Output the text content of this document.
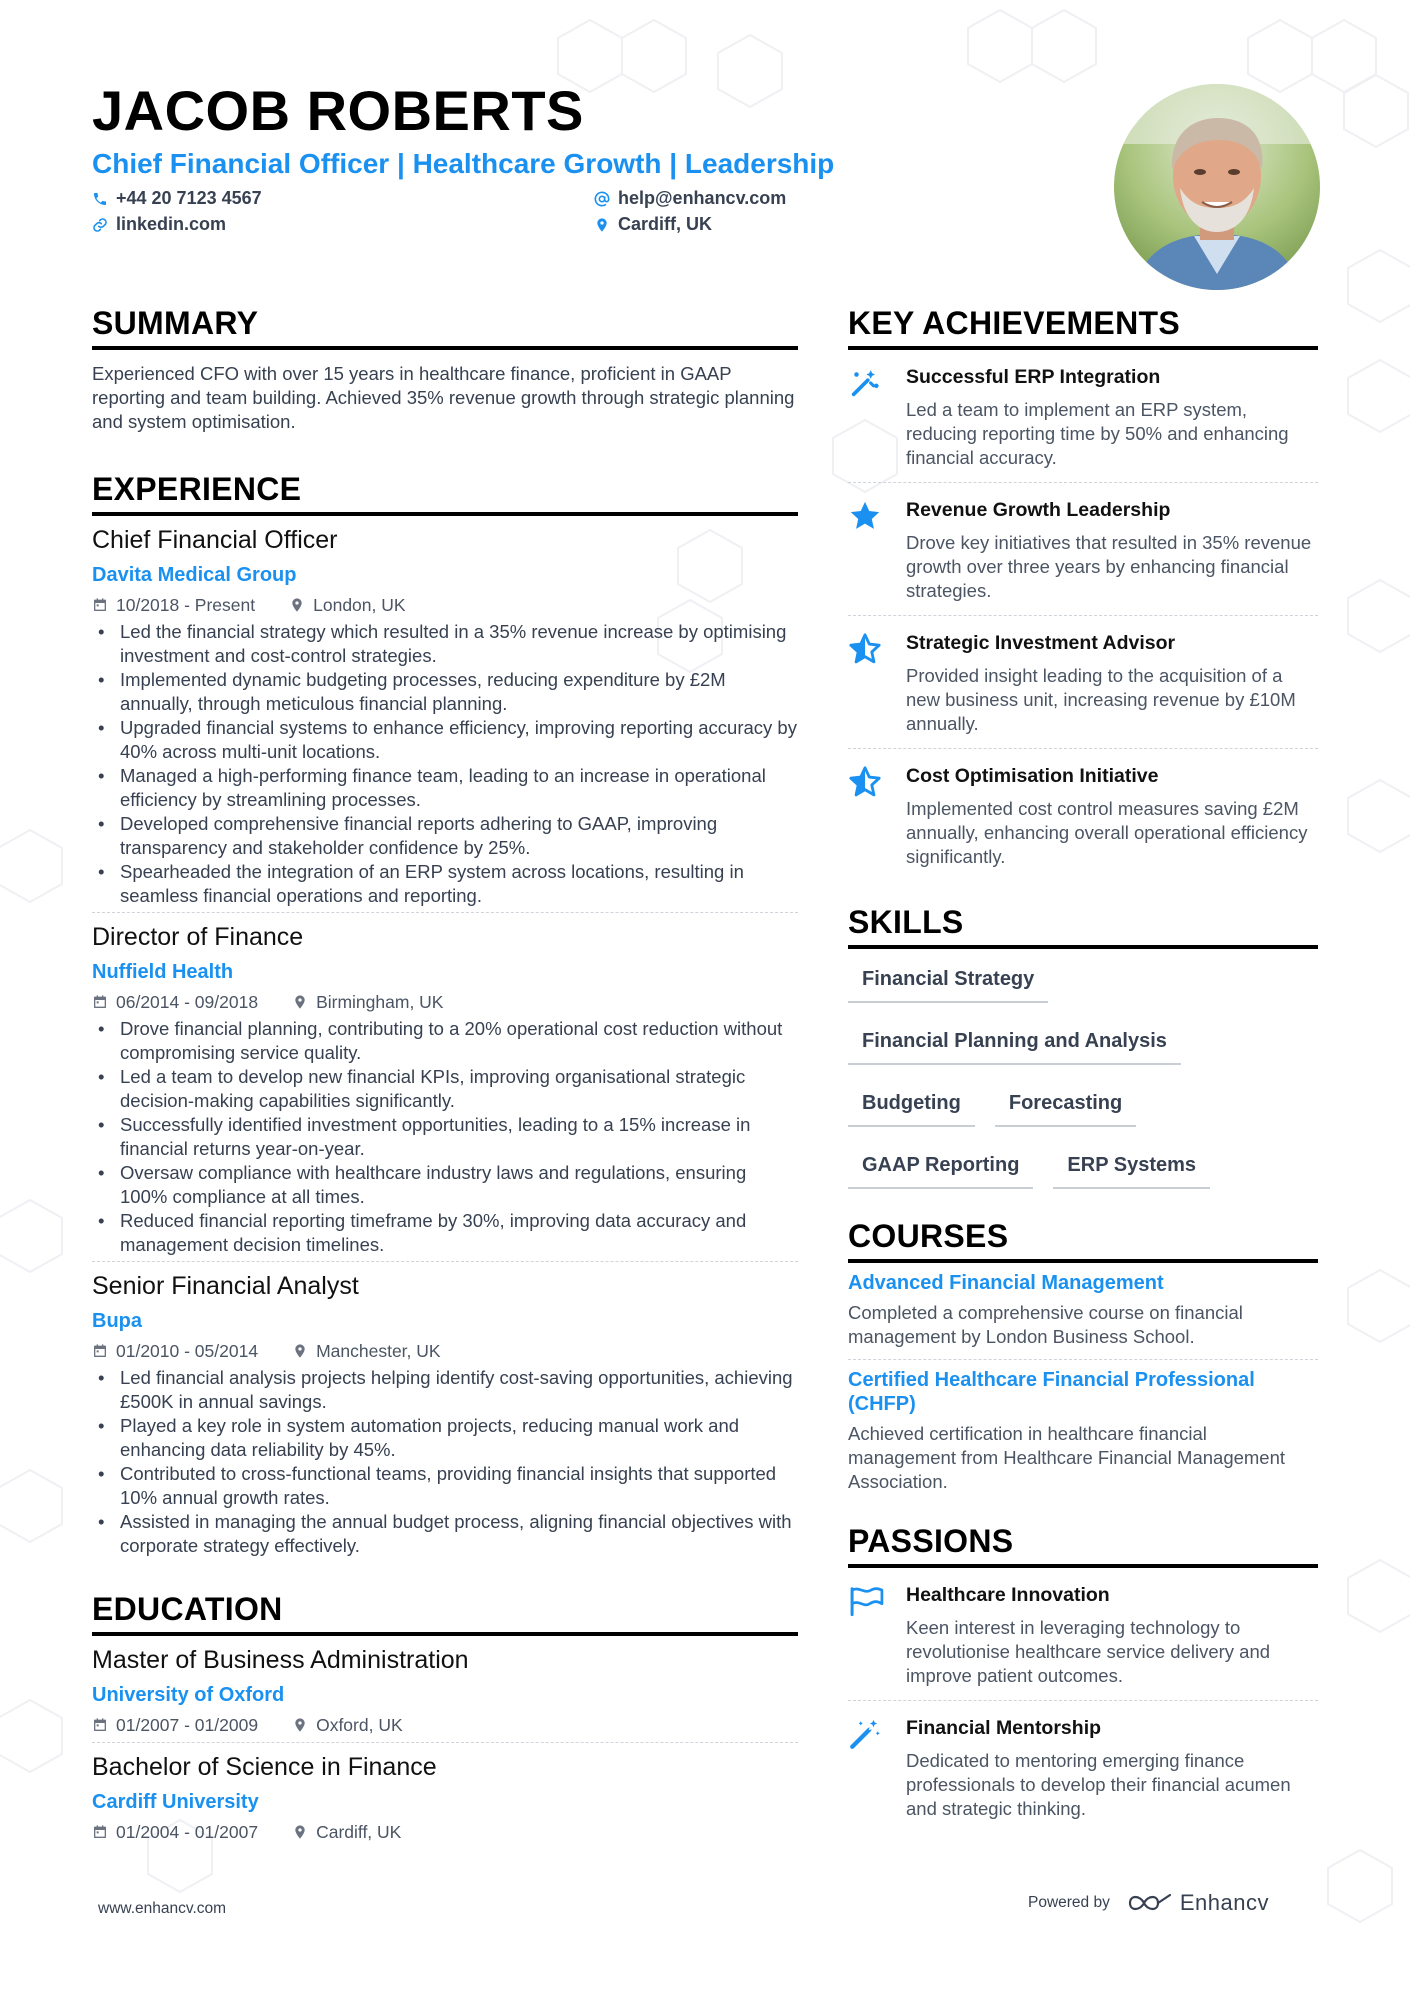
JACOB ROBERTS
Chief Financial Officer | Healthcare Growth | Leadership
+44 20 7123 4567	help@enhancv.com
linkedin.com	Cardiff, UK
SUMMARY
Experienced CFO with over 15 years in healthcare finance, proficient in GAAP reporting and team building. Achieved 35% revenue growth through strategic planning and system optimisation.
EXPERIENCE
Chief Financial Officer
Davita Medical Group
10/2018 - Present	London, UK
• Led the financial strategy which resulted in a 35% revenue increase by optimising investment and cost-control strategies.
• Implemented dynamic budgeting processes, reducing expenditure by £2M annually, through meticulous financial planning.
• Upgraded financial systems to enhance efficiency, improving reporting accuracy by 40% across multi-unit locations.
• Managed a high-performing finance team, leading to an increase in operational efficiency by streamlining processes.
• Developed comprehensive financial reports adhering to GAAP, improving transparency and stakeholder confidence by 25%.
• Spearheaded the integration of an ERP system across locations, resulting in seamless financial operations and reporting.
Director of Finance
Nuffield Health
06/2014 - 09/2018	Birmingham, UK
• Drove financial planning, contributing to a 20% operational cost reduction without compromising service quality.
• Led a team to develop new financial KPIs, improving organisational strategic decision-making capabilities significantly.
• Successfully identified investment opportunities, leading to a 15% increase in financial returns year-on-year.
• Oversaw compliance with healthcare industry laws and regulations, ensuring 100% compliance at all times.
• Reduced financial reporting timeframe by 30%, improving data accuracy and management decision timelines.
Senior Financial Analyst
Bupa
01/2010 - 05/2014	Manchester, UK
• Led financial analysis projects helping identify cost-saving opportunities, achieving £500K in annual savings.
• Played a key role in system automation projects, reducing manual work and enhancing data reliability by 45%.
• Contributed to cross-functional teams, providing financial insights that supported 10% annual growth rates.
• Assisted in managing the annual budget process, aligning financial objectives with corporate strategy effectively.
EDUCATION
Master of Business Administration
University of Oxford
01/2007 - 01/2009	Oxford, UK
Bachelor of Science in Finance
Cardiff University
01/2004 - 01/2007	Cardiff, UK
KEY ACHIEVEMENTS
Successful ERP Integration
Led a team to implement an ERP system, reducing reporting time by 50% and enhancing financial accuracy.
Revenue Growth Leadership
Drove key initiatives that resulted in 35% revenue growth over three years by enhancing financial strategies.
Strategic Investment Advisor
Provided insight leading to the acquisition of a new business unit, increasing revenue by £10M annually.
Cost Optimisation Initiative
Implemented cost control measures saving £2M annually, enhancing overall operational efficiency significantly.
SKILLS
Financial Strategy
Financial Planning and Analysis
Budgeting	Forecasting
GAAP Reporting	ERP Systems
COURSES
Advanced Financial Management
Completed a comprehensive course on financial management by London Business School.
Certified Healthcare Financial Professional (CHFP)
Achieved certification in healthcare financial management from Healthcare Financial Management Association.
PASSIONS
Healthcare Innovation
Keen interest in leveraging technology to revolutionise healthcare service delivery and improve patient outcomes.
Financial Mentorship
Dedicated to mentoring emerging finance professionals to develop their financial acumen and strategic thinking.
www.enhancv.com	Powered by	Enhancv
